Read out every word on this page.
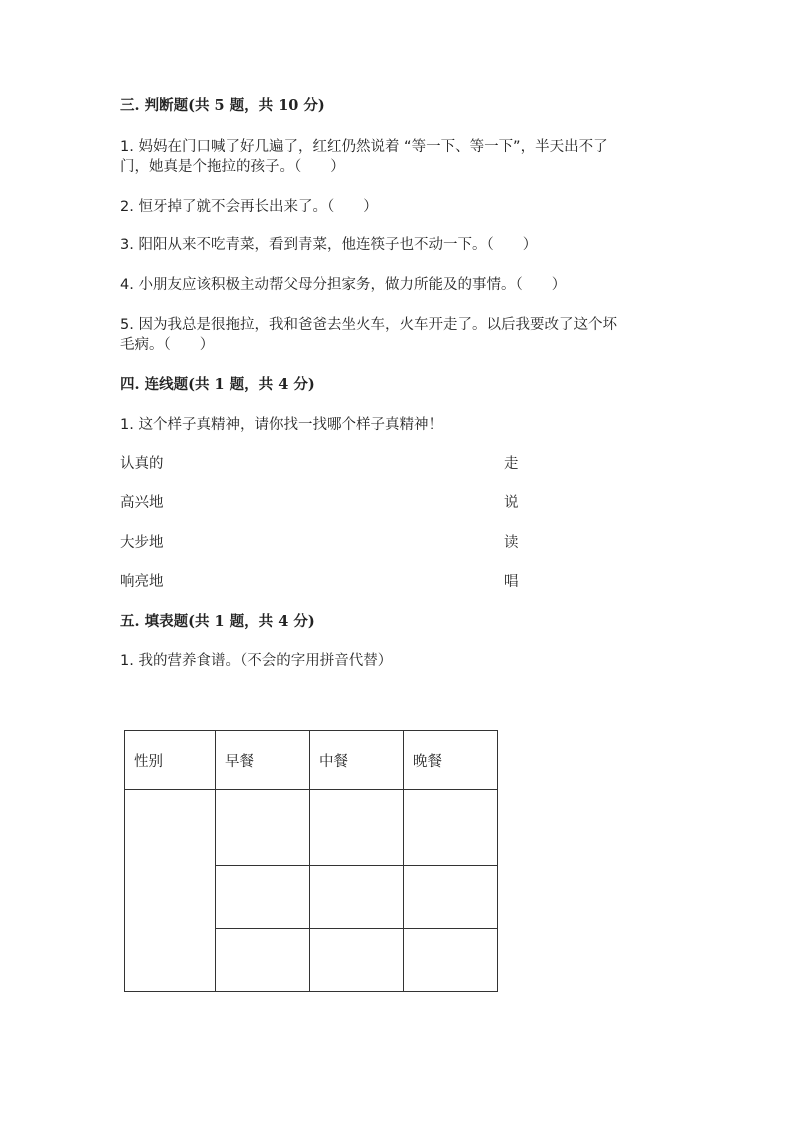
三. 判断题(共 5 题，共 10 分)
1. 妈妈在门口喊了好几遍了，红红仍然说着 “等一下、等一下”，半天出不了
门，她真是个拖拉的孩子。（　　）
2. 恒牙掉了就不会再长出来了。（　　）
3. 阳阳从来不吃青菜，看到青菜，他连筷子也不动一下。（　　）
4. 小朋友应该积极主动帮父母分担家务，做力所能及的事情。（　　）
5. 因为我总是很拖拉，我和爸爸去坐火车，火车开走了。以后我要改了这个坏
毛病。（　　）
四. 连线题(共 1 题，共 4 分)
1. 这个样子真精神，请你找一找哪个样子真精神！
认真的	走
高兴地	说
大步地	读
响亮地	唱
五. 填表题(共 1 题，共 4 分)
1. 我的营养食谱。（不会的字用拼音代替）
性别	早餐	中餐	晚餐
